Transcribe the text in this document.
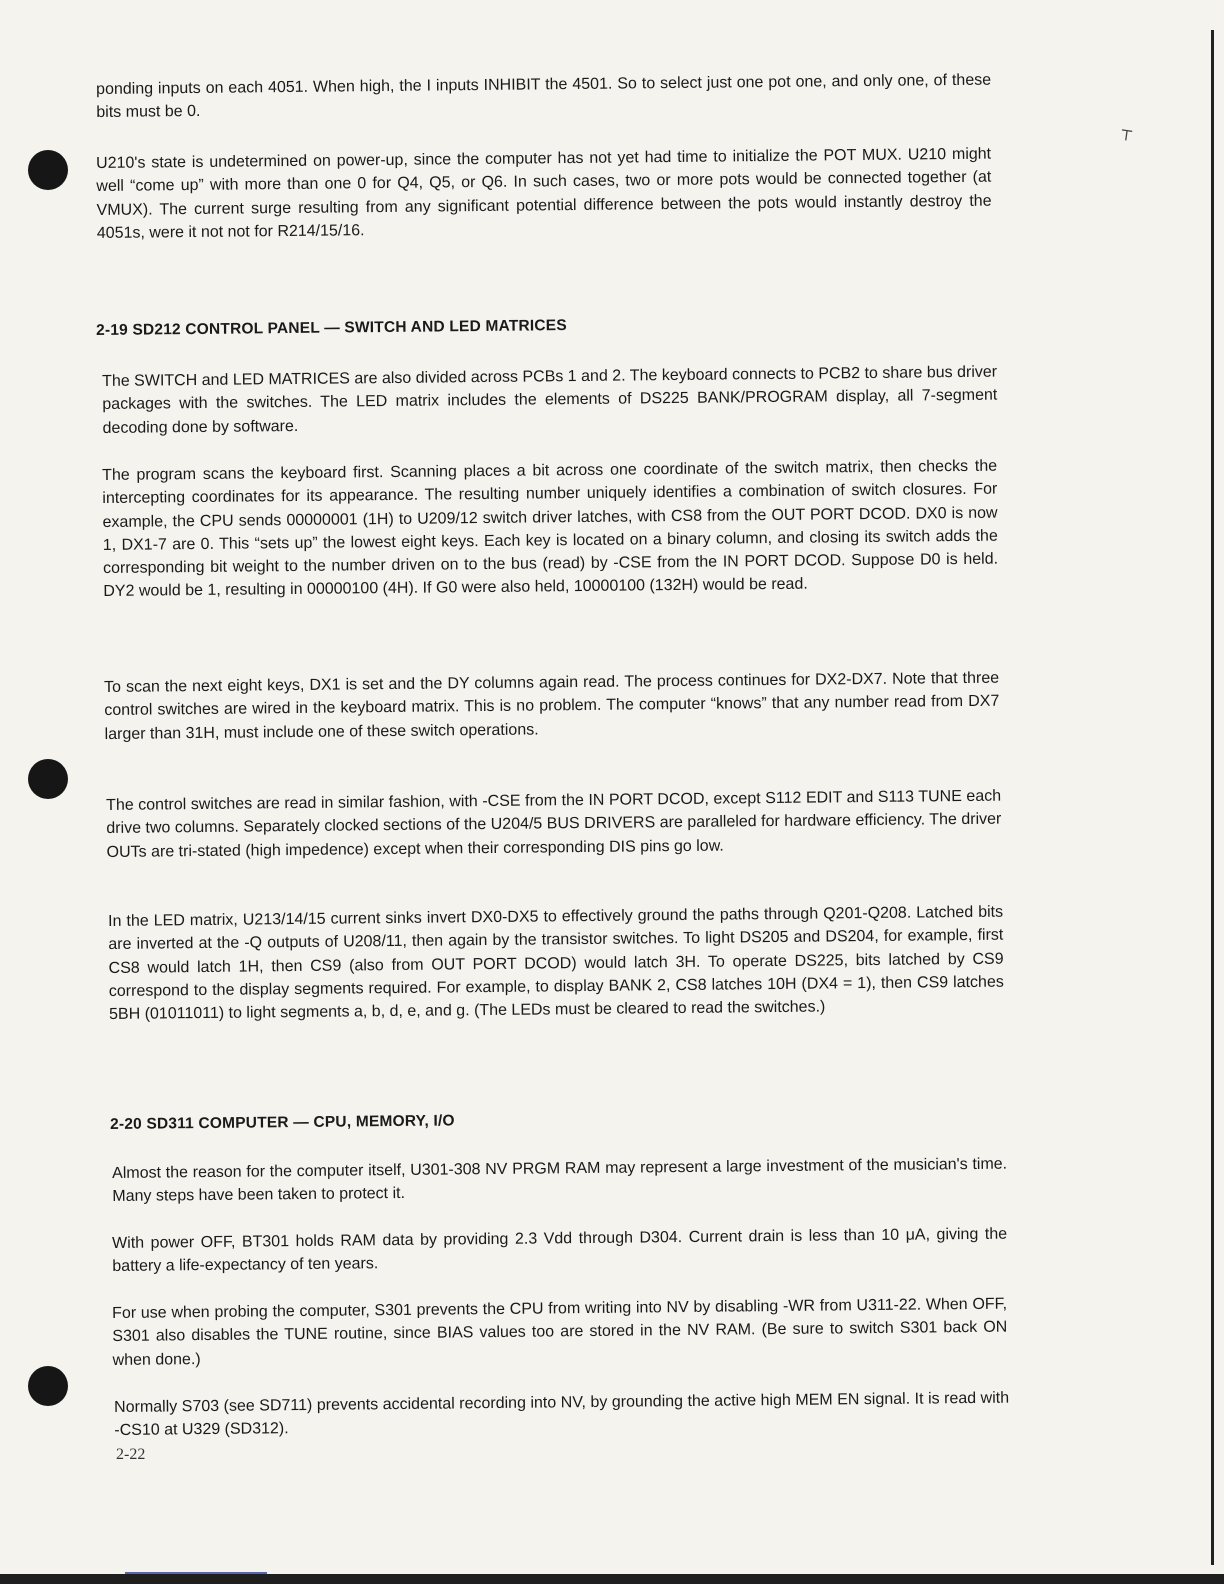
⸆

ponding inputs on each 4051. When high, the I inputs INHIBIT the 4501. So to select just one pot one, and only one, of these bits must be 0.

U210's state is undetermined on power-up, since the computer has not yet had time to initialize the POT MUX. U210 might well “come up” with more than one 0 for Q4, Q5, or Q6. In such cases, two or more pots would be connected together (at VMUX). The current surge resulting from any significant potential difference between the pots would instantly destroy the 4051s, were it not not for R214/15/16.

2-19 SD212 CONTROL PANEL — SWITCH AND LED MATRICES

The SWITCH and LED MATRICES are also divided across PCBs 1 and 2. The keyboard connects to PCB2 to share bus driver packages with the switches. The LED matrix includes the elements of DS225 BANK/PROGRAM display, all 7-segment decoding done by software.

The program scans the keyboard first. Scanning places a bit across one coordinate of the switch matrix, then checks the intercepting coordinates for its appearance. The resulting number uniquely identifies a combination of switch closures. For example, the CPU sends 00000001 (1H) to U209/12 switch driver latches, with CS8 from the OUT PORT DCOD. DX0 is now 1, DX1-7 are 0. This “sets up” the lowest eight keys. Each key is located on a binary column, and closing its switch adds the corresponding bit weight to the number driven on to the bus (read) by -CSE from the IN PORT DCOD. Suppose D0 is held. DY2 would be 1, resulting in 00000100 (4H). If G0 were also held, 10000100 (132H) would be read.

To scan the next eight keys, DX1 is set and the DY columns again read. The process continues for DX2-DX7. Note that three control switches are wired in the keyboard matrix. This is no problem. The computer “knows” that any number read from DX7 larger than 31H, must include one of these switch operations.

The control switches are read in similar fashion, with -CSE from the IN PORT DCOD, except S112 EDIT and S113 TUNE each drive two columns. Separately clocked sections of the U204/5 BUS DRIVERS are paralleled for hardware efficiency. The driver OUTs are tri-stated (high impedence) except when their corresponding DIS pins go low.

In the LED matrix, U213/14/15 current sinks invert DX0-DX5 to effectively ground the paths through Q201-Q208. Latched bits are inverted at the -Q outputs of U208/11, then again by the transistor switches. To light DS205 and DS204, for example, first CS8 would latch 1H, then CS9 (also from OUT PORT DCOD) would latch 3H. To operate DS225, bits latched by CS9 correspond to the display segments required. For example, to display BANK 2, CS8 latches 10H (DX4 = 1), then CS9 latches 5BH (01011011) to light segments a, b, d, e, and g. (The LEDs must be cleared to read the switches.)

2-20 SD311 COMPUTER — CPU, MEMORY, I/O

Almost the reason for the computer itself, U301-308 NV PRGM RAM may represent a large investment of the musician's time. Many steps have been taken to protect it.

With power OFF, BT301 holds RAM data by providing 2.3 Vdd through D304. Current drain is less than 10 μA, giving the battery a life-expectancy of ten years.

For use when probing the computer, S301 prevents the CPU from writing into NV by disabling -WR from U311-22. When OFF, S301 also disables the TUNE routine, since BIAS values too are stored in the NV RAM. (Be sure to switch S301 back ON when done.)

Normally S703 (see SD711) prevents accidental recording into NV, by grounding the active high MEM EN signal. It is read with -CS10 at U329 (SD312).

2-22
